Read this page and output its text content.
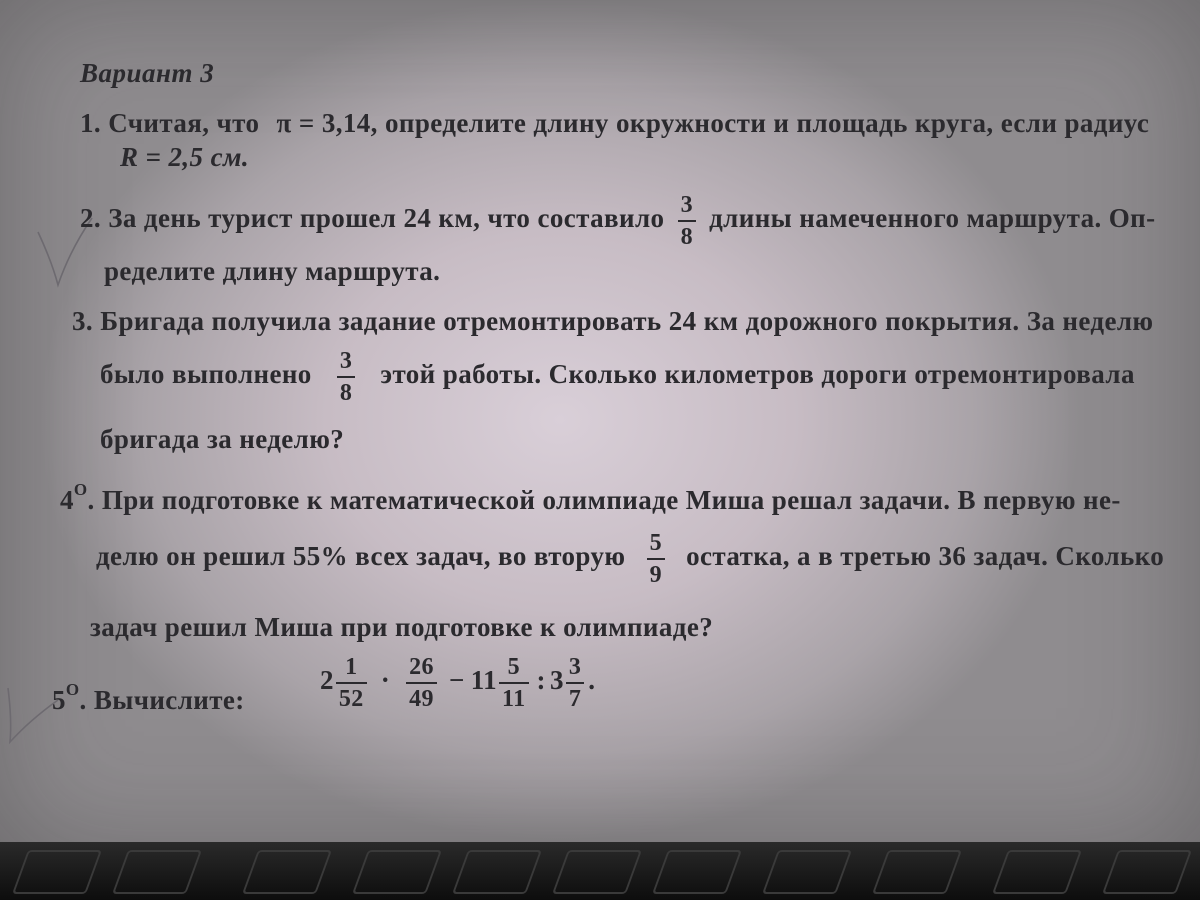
Вариант 3
1. Считая, что π = 3,14, определите длину окружности и площадь круга, если радиус
R = 2,5 см.
2. За день турист прошел 24 км, что составило $\frac{3}{8}$ длины намеченного маршрута. Оп-
ределите длину маршрута.
3. Бригада получила задание отремонтировать 24 км дорожного покрытия. За неделю
было выполнено $\frac{3}{8}$ этой работы. Сколько километров дороги отремонтировала
бригада за неделю?
$4^O$. При подготовке к математической олимпиаде Миша решал задачи. В первую не-
делю он решил 55% всех задач, во вторую $\frac{5}{9}$ остатка, а в третью 36 задач. Сколько
задач решил Миша при подготовке к олимпиаде?
$5^O$. Вычислите:
$2 \frac{1}{52} \cdot \frac{26}{49} - 11 \frac{5}{11}$ : $3 \frac{3}{7}$ .
